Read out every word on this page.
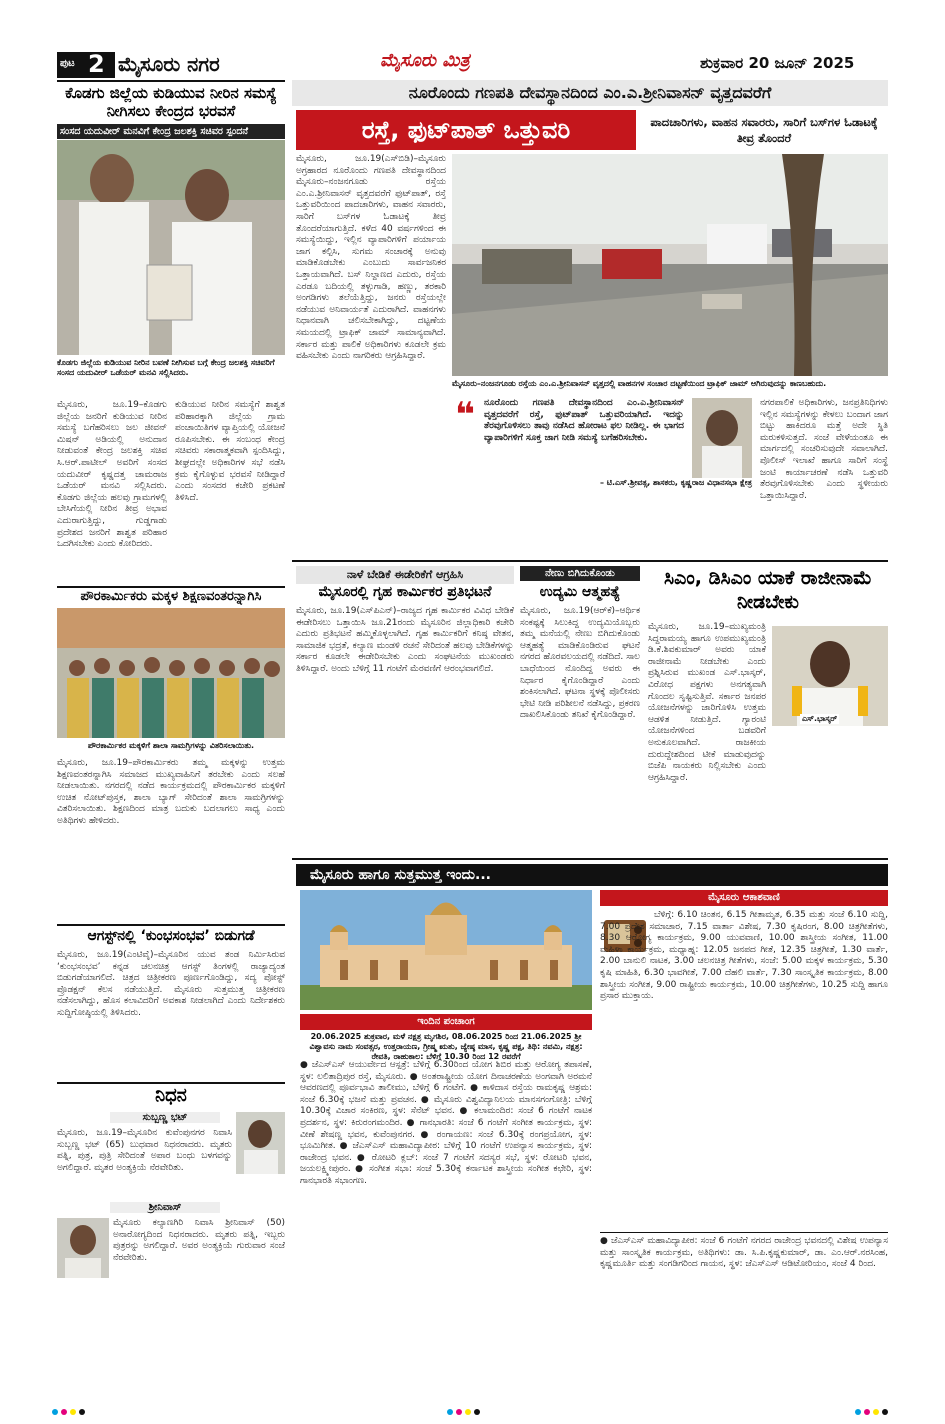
ಪುಟ 2 ಮೈಸೂರು ನಗರ	ಮೈಸೂರು ಮಿತ್ರ	ಶುಕ್ರವಾರ 20 ಜೂನ್ 2025
ಕೊಡಗು ಜಿಲ್ಲೆಯ ಕುಡಿಯುವ ನೀರಿನ ಸಮಸ್ಯೆ ನೀಗಿಸಲು ಕೇಂದ್ರದ ಭರವಸೆ
ಸಂಸದ ಯದುವೀರ್ ಮನವಿಗೆ ಕೇಂದ್ರ ಜಲಶಕ್ತಿ ಸಚಿವರ ಸ್ಪಂದನೆ
ಕೊಡಗು ಜಿಲ್ಲೆಯ ಕುಡಿಯುವ ನೀರಿನ ಬವಣೆ ನೀಗಿಸುವ ಬಗ್ಗೆ ಕೇಂದ್ರ ಜಲಶಕ್ತಿ ಸಚಿವರಿಗೆ ಸಂಸದ ಯದುವೀರ್ ಒಡೆಯರ್ ಮನವಿ ಸಲ್ಲಿಸಿದರು.
ಮೈಸೂರು, ಜೂ.19–ಕೊಡಗು ಜಿಲ್ಲೆಯ ಜನರಿಗೆ ಕುಡಿಯುವ ನೀರಿನ ಸಮಸ್ಯೆ ಬಗೆಹರಿಸಲು ಜಲ ಜೀವನ್ ಮಿಷನ್ ಅಡಿಯಲ್ಲಿ ಅನುದಾನ ನೀಡುವಂತೆ ಕೇಂದ್ರ ಜಲಶಕ್ತಿ ಸಚಿವ ಸಿ.ಆರ್.ಪಾಟೀಲ್ ಅವರಿಗೆ ಸಂಸದ ಯದುವೀರ್ ಕೃಷ್ಣದತ್ತ ಚಾಮರಾಜ ಒಡೆಯರ್ ಮನವಿ ಸಲ್ಲಿಸಿದರು. ಕೊಡಗು ಜಿಲ್ಲೆಯ ಹಲವು ಗ್ರಾಮಗಳಲ್ಲಿ ಬೇಸಿಗೆಯಲ್ಲಿ ನೀರಿನ ತೀವ್ರ ಅಭಾವ ಎದುರಾಗುತ್ತಿದ್ದು, ಗುಡ್ಡಗಾಡು ಪ್ರದೇಶದ ಜನರಿಗೆ ಶಾಶ್ವತ ಪರಿಹಾರ ಒದಗಿಸಬೇಕು ಎಂದು ಕೋರಿದರು.
ಕುಡಿಯುವ ನೀರಿನ ಸಮಸ್ಯೆಗೆ ಶಾಶ್ವತ ಪರಿಹಾರಕ್ಕಾಗಿ ಜಿಲ್ಲೆಯ ಗ್ರಾಮ ಪಂಚಾಯಿತಿಗಳ ವ್ಯಾಪ್ತಿಯಲ್ಲಿ ಯೋಜನೆ ರೂಪಿಸಬೇಕು. ಈ ಸಂಬಂಧ ಕೇಂದ್ರ ಸಚಿವರು ಸಕಾರಾತ್ಮಕವಾಗಿ ಸ್ಪಂದಿಸಿದ್ದು, ಶೀಘ್ರದಲ್ಲೇ ಅಧಿಕಾರಿಗಳ ಸಭೆ ನಡೆಸಿ ಕ್ರಮ ಕೈಗೊಳ್ಳುವ ಭರವಸೆ ನೀಡಿದ್ದಾರೆ ಎಂದು ಸಂಸದರ ಕಚೇರಿ ಪ್ರಕಟಣೆ ತಿಳಿಸಿದೆ.
ನೂರೊಂದು ಗಣಪತಿ ದೇವಸ್ಥಾನದಿಂದ ಎಂ.ಎ.ಶ್ರೀನಿವಾಸನ್ ವೃತ್ತದವರೆಗೆ
ರಸ್ತೆ, ಫುಟ್‌ಪಾತ್ ಒತ್ತುವರಿ	ಪಾದಚಾರಿಗಳು, ವಾಹನ ಸವಾರರು, ಸಾರಿಗೆ ಬಸ್‌ಗಳ ಓಡಾಟಕ್ಕೆ ತೀವ್ರ ತೊಂದರೆ
ಮೈಸೂರು, ಜೂ.19(ಎಸ್‌ಬಿಡಿ)–ಮೈಸೂರು ಅಗ್ರಹಾರದ ನೂರೊಂದು ಗಣಪತಿ ದೇವಸ್ಥಾನದಿಂದ ಮೈಸೂರು–ನಂಜನಗೂಡು ರಸ್ತೆಯ ಎಂ.ಎ.ಶ್ರೀನಿವಾಸನ್ ವೃತ್ತದವರೆಗೆ ಫುಟ್‌ಪಾತ್, ರಸ್ತೆ ಒತ್ತುವರಿಯಿಂದ ಪಾದಚಾರಿಗಳು, ವಾಹನ ಸವಾರರು, ಸಾರಿಗೆ ಬಸ್‌ಗಳ ಓಡಾಟಕ್ಕೆ ತೀವ್ರ ತೊಂದರೆಯಾಗುತ್ತಿದೆ. ಕಳೆದ 40 ವರ್ಷಗಳಿಂದ ಈ ಸಮಸ್ಯೆಯಿದ್ದು, ಇಲ್ಲಿನ ವ್ಯಾಪಾರಿಗಳಿಗೆ ಪರ್ಯಾಯ ಜಾಗ ಕಲ್ಪಿಸಿ, ಸುಗಮ ಸಂಚಾರಕ್ಕೆ ಅನುವು ಮಾಡಿಕೊಡಬೇಕು ಎಂಬುದು ಸಾರ್ವಜನಿಕರ ಒತ್ತಾಯವಾಗಿದೆ. ಬಸ್ ನಿಲ್ದಾಣದ ಎದುರು, ರಸ್ತೆಯ ಎರಡೂ ಬದಿಯಲ್ಲಿ ತಳ್ಳುಗಾಡಿ, ಹಣ್ಣು, ತರಕಾರಿ ಅಂಗಡಿಗಳು ತಲೆಯೆತ್ತಿದ್ದು, ಜನರು ರಸ್ತೆಯಲ್ಲೇ ನಡೆಯುವ ಅನಿವಾರ್ಯತೆ ಎದುರಾಗಿದೆ. ವಾಹನಗಳು ನಿಧಾನವಾಗಿ ಚಲಿಸಬೇಕಾಗಿದ್ದು, ದಟ್ಟಣೆಯ ಸಮಯದಲ್ಲಿ ಟ್ರಾಫಿಕ್ ಜಾಮ್ ಸಾಮಾನ್ಯವಾಗಿದೆ. ಸರ್ಕಾರ ಮತ್ತು ಪಾಲಿಕೆ ಅಧಿಕಾರಿಗಳು ಕೂಡಲೇ ಕ್ರಮ ವಹಿಸಬೇಕು ಎಂದು ನಾಗರಿಕರು ಆಗ್ರಹಿಸಿದ್ದಾರೆ.
ಮೈಸೂರು–ನಂಜನಗೂಡು ರಸ್ತೆಯ ಎಂ.ಎ.ಶ್ರೀನಿವಾಸನ್ ವೃತ್ತದಲ್ಲಿ ವಾಹನಗಳ ಸಂಚಾರ ದಟ್ಟಣೆಯಿಂದ ಟ್ರಾಫಿಕ್ ಜಾಮ್ ಆಗಿರುವುದನ್ನು ಕಾಣಬಹುದು.
❝ ನೂರೊಂದು ಗಣಪತಿ ದೇವಸ್ಥಾನದಿಂದ ಎಂ.ಎ.ಶ್ರೀನಿವಾಸನ್ ವೃತ್ತದವರೆಗೆ ರಸ್ತೆ, ಫುಟ್‌ಪಾತ್ ಒತ್ತುವರಿಯಾಗಿದೆ. ಇದನ್ನು ತೆರವುಗೊಳಿಸಲು ತಾವು ನಡೆಸಿದ ಹೋರಾಟ ಫಲ ನೀಡಿಲ್ಲ. ಈ ಭಾಗದ ವ್ಯಾಪಾರಿಗಳಿಗೆ ಸೂಕ್ತ ಜಾಗ ನೀಡಿ ಸಮಸ್ಯೆ ಬಗೆಹರಿಸಬೇಕು.
– ಟಿ.ಎಸ್.ಶ್ರೀವತ್ಸ, ಶಾಸಕರು, ಕೃಷ್ಣರಾಜ ವಿಧಾನಸಭಾ ಕ್ಷೇತ್ರ
ನಗರಪಾಲಿಕೆ ಅಧಿಕಾರಿಗಳು, ಜನಪ್ರತಿನಿಧಿಗಳು ಇಲ್ಲಿನ ಸಮಸ್ಯೆಗಳನ್ನು ಕೇಳಲು ಬಂದಾಗ ಜಾಗ ಬಿಟ್ಟು ಹಾಕಿದರೂ ಮತ್ತೆ ಅದೇ ಸ್ಥಿತಿ ಮರುಕಳಿಸುತ್ತದೆ. ಸಂಜೆ ವೇಳೆಯಂತೂ ಈ ಮಾರ್ಗದಲ್ಲಿ ಸಂಚರಿಸುವುದೇ ಸವಾಲಾಗಿದೆ. ಪೊಲೀಸ್ ಇಲಾಖೆ ಹಾಗೂ ಸಾರಿಗೆ ಸಂಸ್ಥೆ ಜಂಟಿ ಕಾರ್ಯಾಚರಣೆ ನಡೆಸಿ ಒತ್ತುವರಿ ತೆರವುಗೊಳಿಸಬೇಕು ಎಂದು ಸ್ಥಳೀಯರು ಒತ್ತಾಯಿಸಿದ್ದಾರೆ.
ನಾಳೆ ಬೇಡಿಕೆ ಈಡೇರಿಕೆಗೆ ಆಗ್ರಹಿಸಿ
ಮೈಸೂರಲ್ಲಿ ಗೃಹ ಕಾರ್ಮಿಕರ ಪ್ರತಿಭಟನೆ
ಮೈಸೂರು, ಜೂ.19(ಎಸ್‌ಪಿಎನ್)–ರಾಜ್ಯದ ಗೃಹ ಕಾರ್ಮಿಕರ ವಿವಿಧ ಬೇಡಿಕೆ ಈಡೇರಿಸಲು ಒತ್ತಾಯಿಸಿ ಜೂ.21ರಂದು ಮೈಸೂರಿನ ಜಿಲ್ಲಾಧಿಕಾರಿ ಕಚೇರಿ ಎದುರು ಪ್ರತಿಭಟನೆ ಹಮ್ಮಿಕೊಳ್ಳಲಾಗಿದೆ. ಗೃಹ ಕಾರ್ಮಿಕರಿಗೆ ಕನಿಷ್ಠ ವೇತನ, ಸಾಮಾಜಿಕ ಭದ್ರತೆ, ಕಲ್ಯಾಣ ಮಂಡಳಿ ರಚನೆ ಸೇರಿದಂತೆ ಹಲವು ಬೇಡಿಕೆಗಳನ್ನು ಸರ್ಕಾರ ಕೂಡಲೇ ಈಡೇರಿಸಬೇಕು ಎಂದು ಸಂಘಟನೆಯ ಮುಖಂಡರು ತಿಳಿಸಿದ್ದಾರೆ. ಅಂದು ಬೆಳಿಗ್ಗೆ 11 ಗಂಟೆಗೆ ಮೆರವಣಿಗೆ ಆರಂಭವಾಗಲಿದೆ.
ನೇಣು ಬಿಗಿದುಕೊಂಡು
ಉದ್ಯಮಿ ಆತ್ಮಹತ್ಯೆ
ಮೈಸೂರು, ಜೂ.19(ಆರ್‌ಕೆ)–ಆರ್ಥಿಕ ಸಂಕಷ್ಟಕ್ಕೆ ಸಿಲುಕಿದ್ದ ಉದ್ಯಮಿಯೊಬ್ಬರು ತಮ್ಮ ಮನೆಯಲ್ಲಿ ನೇಣು ಬಿಗಿದುಕೊಂಡು ಆತ್ಮಹತ್ಯೆ ಮಾಡಿಕೊಂಡಿರುವ ಘಟನೆ ನಗರದ ಹೊರವಲಯದಲ್ಲಿ ನಡೆದಿದೆ. ಸಾಲ ಬಾಧೆಯಿಂದ ನೊಂದಿದ್ದ ಅವರು ಈ ನಿರ್ಧಾರ ಕೈಗೊಂಡಿದ್ದಾರೆ ಎಂದು ಶಂಕಿಸಲಾಗಿದೆ. ಘಟನಾ ಸ್ಥಳಕ್ಕೆ ಪೊಲೀಸರು ಭೇಟಿ ನೀಡಿ ಪರಿಶೀಲನೆ ನಡೆಸಿದ್ದು, ಪ್ರಕರಣ ದಾಖಲಿಸಿಕೊಂಡು ತನಿಖೆ ಕೈಗೊಂಡಿದ್ದಾರೆ.
ಸಿಎಂ, ಡಿಸಿಎಂ ಯಾಕೆ ರಾಜೀನಾಮೆ ನೀಡಬೇಕು
ಮೈಸೂರು, ಜೂ.19–ಮುಖ್ಯಮಂತ್ರಿ ಸಿದ್ದರಾಮಯ್ಯ ಹಾಗೂ ಉಪಮುಖ್ಯಮಂತ್ರಿ ಡಿ.ಕೆ.ಶಿವಕುಮಾರ್ ಅವರು ಯಾಕೆ ರಾಜೀನಾಮೆ ನೀಡಬೇಕು ಎಂದು ಪ್ರಶ್ನಿಸಿರುವ ಮುಖಂಡ ಎಸ್.ಭಾಸ್ಕರ್, ವಿರೋಧ ಪಕ್ಷಗಳು ಅನಗತ್ಯವಾಗಿ ಗೊಂದಲ ಸೃಷ್ಟಿಸುತ್ತಿವೆ. ಸರ್ಕಾರ ಜನಪರ ಯೋಜನೆಗಳನ್ನು ಜಾರಿಗೊಳಿಸಿ ಉತ್ತಮ ಆಡಳಿತ ನೀಡುತ್ತಿದೆ. ಗ್ಯಾರಂಟಿ ಯೋಜನೆಗಳಿಂದ ಬಡವರಿಗೆ ಅನುಕೂಲವಾಗಿದೆ. ರಾಜಕೀಯ ದುರುದ್ದೇಶದಿಂದ ಟೀಕೆ ಮಾಡುವುದನ್ನು ಬಿಜೆಪಿ ನಾಯಕರು ನಿಲ್ಲಿಸಬೇಕು ಎಂದು ಆಗ್ರಹಿಸಿದ್ದಾರೆ.
ಎಸ್.ಭಾಸ್ಕರ್
ಪೌರಕಾರ್ಮಿಕರು ಮಕ್ಕಳ ಶಿಕ್ಷಣವಂತರನ್ನಾಗಿಸಿ
ಪೌರಕಾರ್ಮಿಕರ ಮಕ್ಕಳಿಗೆ ಶಾಲಾ ಸಾಮಗ್ರಿಗಳನ್ನು ವಿತರಿಸಲಾಯಿತು.
ಮೈಸೂರು, ಜೂ.19–ಪೌರಕಾರ್ಮಿಕರು ತಮ್ಮ ಮಕ್ಕಳನ್ನು ಉತ್ತಮ ಶಿಕ್ಷಣವಂತರನ್ನಾಗಿಸಿ ಸಮಾಜದ ಮುಖ್ಯವಾಹಿನಿಗೆ ತರಬೇಕು ಎಂದು ಸಲಹೆ ನೀಡಲಾಯಿತು. ನಗರದಲ್ಲಿ ನಡೆದ ಕಾರ್ಯಕ್ರಮದಲ್ಲಿ ಪೌರಕಾರ್ಮಿಕರ ಮಕ್ಕಳಿಗೆ ಉಚಿತ ನೋಟ್‌ಪುಸ್ತಕ, ಶಾಲಾ ಬ್ಯಾಗ್ ಸೇರಿದಂತೆ ಶಾಲಾ ಸಾಮಗ್ರಿಗಳನ್ನು ವಿತರಿಸಲಾಯಿತು. ಶಿಕ್ಷಣದಿಂದ ಮಾತ್ರ ಬದುಕು ಬದಲಾಗಲು ಸಾಧ್ಯ ಎಂದು ಅತಿಥಿಗಳು ಹೇಳಿದರು.
ಆಗಸ್ಟ್‌ನಲ್ಲಿ ‘ಕುಂಭಸಂಭವ’ ಬಿಡುಗಡೆ
ಮೈಸೂರು, ಜೂ.19(ಎಂಟಿವೈ)–ಮೈಸೂರಿನ ಯುವ ತಂಡ ನಿರ್ಮಿಸಿರುವ ‘ಕುಂಭಸಂಭವ’ ಕನ್ನಡ ಚಲನಚಿತ್ರ ಆಗಸ್ಟ್ ತಿಂಗಳಲ್ಲಿ ರಾಜ್ಯಾದ್ಯಂತ ಬಿಡುಗಡೆಯಾಗಲಿದೆ. ಚಿತ್ರದ ಚಿತ್ರೀಕರಣ ಪೂರ್ಣಗೊಂಡಿದ್ದು, ಸದ್ಯ ಪೋಸ್ಟ್ ಪ್ರೊಡಕ್ಷನ್ ಕೆಲಸ ನಡೆಯುತ್ತಿದೆ. ಮೈಸೂರು ಸುತ್ತಮುತ್ತ ಚಿತ್ರೀಕರಣ ನಡೆಸಲಾಗಿದ್ದು, ಹೊಸ ಕಲಾವಿದರಿಗೆ ಅವಕಾಶ ನೀಡಲಾಗಿದೆ ಎಂದು ನಿರ್ದೇಶಕರು ಸುದ್ದಿಗೋಷ್ಠಿಯಲ್ಲಿ ತಿಳಿಸಿದರು.
ನಿಧನ
ಸುಬ್ಬಣ್ಣ ಭಟ್
ಮೈಸೂರು, ಜೂ.19–ಮೈಸೂರಿನ ಕುವೆಂಪುನಗರ ನಿವಾಸಿ ಸುಬ್ಬಣ್ಣ ಭಟ್ (65) ಬುಧವಾರ ನಿಧನರಾದರು. ಮೃತರು ಪತ್ನಿ, ಪುತ್ರ, ಪುತ್ರಿ ಸೇರಿದಂತೆ ಅಪಾರ ಬಂಧು ಬಳಗವನ್ನು ಅಗಲಿದ್ದಾರೆ. ಮೃತರ ಅಂತ್ಯಕ್ರಿಯೆ ನೆರವೇರಿತು.
ಶ್ರೀನಿವಾಸ್
ಮೈಸೂರು ಕಲ್ಯಾಣಗಿರಿ ನಿವಾಸಿ ಶ್ರೀನಿವಾಸ್ (50) ಅನಾರೋಗ್ಯದಿಂದ ನಿಧನರಾದರು. ಮೃತರು ಪತ್ನಿ, ಇಬ್ಬರು ಪುತ್ರರನ್ನು ಅಗಲಿದ್ದಾರೆ. ಅವರ ಅಂತ್ಯಕ್ರಿಯೆ ಗುರುವಾರ ಸಂಜೆ ನೆರವೇರಿತು.
ಮೈಸೂರು ಹಾಗೂ ಸುತ್ತಮುತ್ತ ಇಂದು...
ಇಂದಿನ ಪಂಚಾಂಗ
20.06.2025 ಶುಕ್ರವಾರ, ಮಳೆ ನಕ್ಷತ್ರ ಮೃಗಶಿರ, 08.06.2025 ರಿಂದ 21.06.2025 ಶ್ರೀ ವಿಶ್ವಾವಸು ನಾಮ ಸಂವತ್ಸರ, ಉತ್ತರಾಯಣ, ಗ್ರೀಷ್ಮ ಋತು, ಜ್ಯೇಷ್ಠ ಮಾಸ, ಕೃಷ್ಣ ಪಕ್ಷ, ತಿಥಿ: ನವಮಿ, ನಕ್ಷತ್ರ: ರೇವತಿ, ರಾಹುಕಾಲ: ಬೆಳಿಗ್ಗೆ 10.30 ರಿಂದ 12 ರವರೆಗೆ
● ಜೆಎಸ್‌ಎಸ್ ಆಯುರ್ವೇದ ಆಸ್ಪತ್ರೆ: ಬೆಳಿಗ್ಗೆ 6.30ರಿಂದ ಯೋಗ ಶಿಬಿರ ಮತ್ತು ಆರೋಗ್ಯ ತಪಾಸಣೆ, ಸ್ಥಳ: ಲಲಿತಾದ್ರಿಪುರ ರಸ್ತೆ, ಮೈಸೂರು. ● ಅಂತರಾಷ್ಟ್ರೀಯ ಯೋಗ ದಿನಾಚರಣೆಯ ಅಂಗವಾಗಿ ಅರಮನೆ ಆವರಣದಲ್ಲಿ ಪೂರ್ವಭಾವಿ ತಾಲೀಮು, ಬೆಳಿಗ್ಗೆ 6 ಗಂಟೆಗೆ. ● ಕಾಳಿದಾಸ ರಸ್ತೆಯ ರಾಮಕೃಷ್ಣ ಆಶ್ರಮ: ಸಂಜೆ 6.30ಕ್ಕೆ ಭಜನೆ ಮತ್ತು ಪ್ರವಚನ. ● ಮೈಸೂರು ವಿಶ್ವವಿದ್ಯಾನಿಲಯ ಮಾನಸಗಂಗೋತ್ರಿ: ಬೆಳಿಗ್ಗೆ 10.30ಕ್ಕೆ ವಿಚಾರ ಸಂಕಿರಣ, ಸ್ಥಳ: ಸೆನೆಟ್ ಭವನ. ● ಕಲಾಮಂದಿರ: ಸಂಜೆ 6 ಗಂಟೆಗೆ ನಾಟಕ ಪ್ರದರ್ಶನ, ಸ್ಥಳ: ಕಿರುರಂಗಮಂದಿರ. ● ಗಾನಭಾರತಿ: ಸಂಜೆ 6 ಗಂಟೆಗೆ ಸಂಗೀತ ಕಾರ್ಯಕ್ರಮ, ಸ್ಥಳ: ವೀಣೆ ಶೇಷಣ್ಣ ಭವನ, ಕುವೆಂಪುನಗರ. ● ರಂಗಾಯಣ: ಸಂಜೆ 6.30ಕ್ಕೆ ರಂಗಪ್ರಯೋಗ, ಸ್ಥಳ: ಭೂಮಿಗೀತ. ● ಜೆಎಸ್‌ಎಸ್ ಮಹಾವಿದ್ಯಾಪೀಠ: ಬೆಳಿಗ್ಗೆ 10 ಗಂಟೆಗೆ ಉಪನ್ಯಾಸ ಕಾರ್ಯಕ್ರಮ, ಸ್ಥಳ: ರಾಜೇಂದ್ರ ಭವನ. ● ರೋಟರಿ ಕ್ಲಬ್: ಸಂಜೆ 7 ಗಂಟೆಗೆ ಸದಸ್ಯರ ಸಭೆ, ಸ್ಥಳ: ರೋಟರಿ ಭವನ, ಜಯಲಕ್ಷ್ಮೀಪುರಂ. ● ಸಂಗೀತ ಸಭಾ: ಸಂಜೆ 5.30ಕ್ಕೆ ಕರ್ನಾಟಕ ಶಾಸ್ತ್ರೀಯ ಸಂಗೀತ ಕಛೇರಿ, ಸ್ಥಳ: ಗಾನಭಾರತಿ ಸಭಾಂಗಣ.
ಮೈಸೂರು ಆಕಾಶವಾಣಿ
ಬೆಳಿಗ್ಗೆ: 6.10 ಚಿಂತನ, 6.15 ಗೀತಾಮೃತ, 6.35 ಮತ್ತು ಸಂಜೆ 6.10 ಸುದ್ದಿ, 7.00 ಪ್ರದೇಶ ಸಮಾಚಾರ, 7.15 ವಾರ್ತಾ ವಿಶೇಷ, 7.30 ಕೃಷಿರಂಗ, 8.00 ಚಿತ್ರಗೀತೆಗಳು, 8.30 ಆರೋಗ್ಯ ಕಾರ್ಯಕ್ರಮ, 9.00 ಯುವವಾಣಿ, 10.00 ಶಾಸ್ತ್ರೀಯ ಸಂಗೀತ, 11.00 ಮಹಿಳಾ ಕಾರ್ಯಕ್ರಮ, ಮಧ್ಯಾಹ್ನ: 12.05 ಜನಪದ ಗೀತೆ, 12.35 ಚಿತ್ರಗೀತೆ, 1.30 ವಾರ್ತೆ, 2.00 ಬಾನುಲಿ ನಾಟಕ, 3.00 ಚಲನಚಿತ್ರ ಗೀತೆಗಳು, ಸಂಜೆ: 5.00 ಮಕ್ಕಳ ಕಾರ್ಯಕ್ರಮ, 5.30 ಕೃಷಿ ಮಾಹಿತಿ, 6.30 ಭಾವಗೀತೆ, 7.00 ದೆಹಲಿ ವಾರ್ತೆ, 7.30 ಸಾಂಸ್ಕೃತಿಕ ಕಾರ್ಯಕ್ರಮ, 8.00 ಶಾಸ್ತ್ರೀಯ ಸಂಗೀತ, 9.00 ರಾಷ್ಟ್ರೀಯ ಕಾರ್ಯಕ್ರಮ, 10.00 ಚಿತ್ರಗೀತೆಗಳು, 10.25 ಸುದ್ದಿ ಹಾಗೂ ಪ್ರಸಾರ ಮುಕ್ತಾಯ.
● ಜೆಎಸ್‌ಎಸ್ ಮಹಾವಿದ್ಯಾಪೀಠ: ಸಂಜೆ 6 ಗಂಟೆಗೆ ನಗರದ ರಾಜೇಂದ್ರ ಭವನದಲ್ಲಿ ವಿಶೇಷ ಉಪನ್ಯಾಸ ಮತ್ತು ಸಾಂಸ್ಕೃತಿಕ ಕಾರ್ಯಕ್ರಮ, ಅತಿಥಿಗಳು: ಡಾ. ಸಿ.ಪಿ.ಕೃಷ್ಣಕುಮಾರ್, ಡಾ. ಎಂ.ಆರ್.ನರಸಿಂಹ, ಕೃಷ್ಣಮೂರ್ತಿ ಮತ್ತು ಸಂಗಡಿಗರಿಂದ ಗಾಯನ, ಸ್ಥಳ: ಜೆಎಸ್‌ಎಸ್ ಆಡಿಟೋರಿಯಂ, ಸಂಜೆ 4 ರಿಂದ.
